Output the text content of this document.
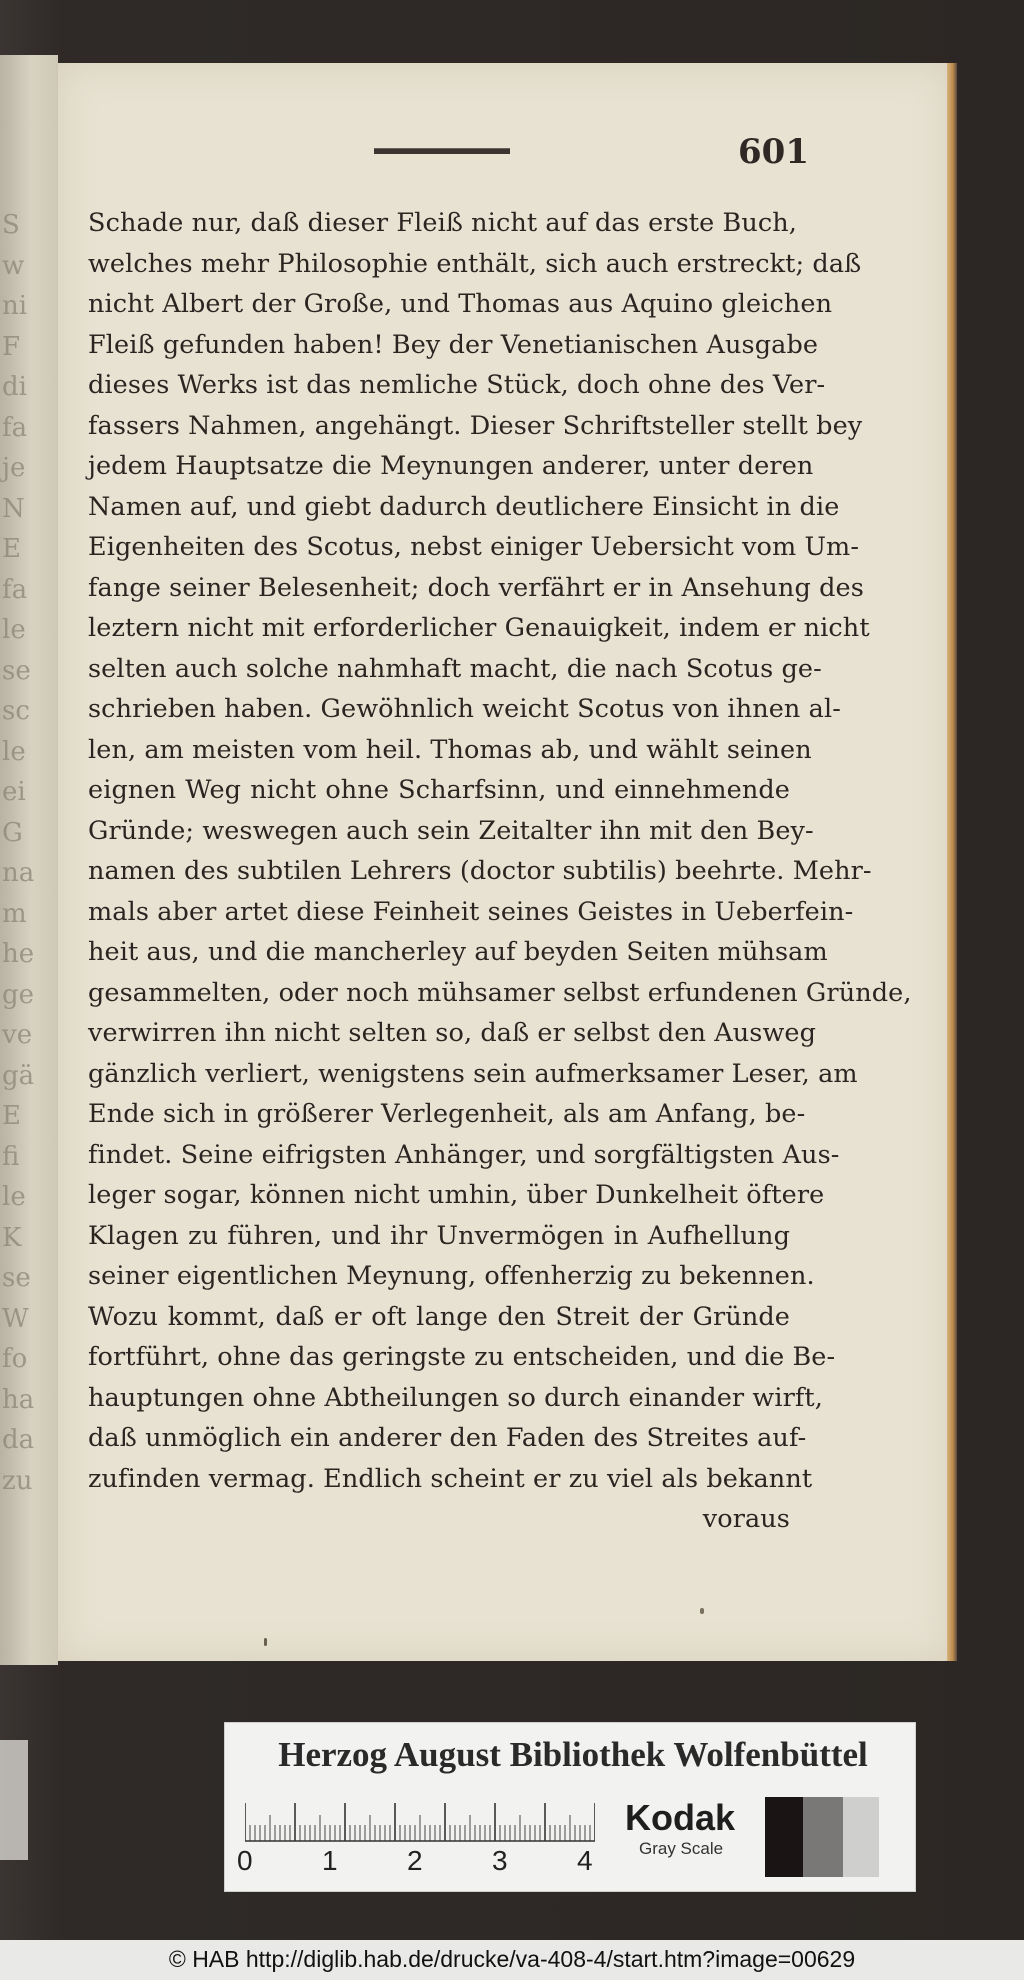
S
w
ni
F
di
fa
je
N
E
fa
le
se
sc
le
ei
G
na
m
he
ge
ve
gä
E
fi
le
K
se
W
fo
ha
da
zu
601
Schade nur, daß dieser Fleiß nicht auf das erste Buch,
welches mehr Philosophie enthält, sich auch erstreckt; daß
nicht Albert der Große, und Thomas aus Aquino gleichen
Fleiß gefunden haben! Bey der Venetianischen Ausgabe
dieses Werks ist das nemliche Stück, doch ohne des Ver-
fassers Nahmen, angehängt. Dieser Schriftsteller stellt bey
jedem Hauptsatze die Meynungen anderer, unter deren
Namen auf, und giebt dadurch deutlichere Einsicht in die
Eigenheiten des Scotus, nebst einiger Uebersicht vom Um-
fange seiner Belesenheit; doch verfährt er in Ansehung des
leztern nicht mit erforderlicher Genauigkeit, indem er nicht
selten auch solche nahmhaft macht, die nach Scotus ge-
schrieben haben. Gewöhnlich weicht Scotus von ihnen al-
len, am meisten vom heil. Thomas ab, und wählt seinen
eignen Weg nicht ohne Scharfsinn, und einnehmende
Gründe; weswegen auch sein Zeitalter ihn mit den Bey-
namen des subtilen Lehrers (doctor subtilis) beehrte. Mehr-
mals aber artet diese Feinheit seines Geistes in Ueberfein-
heit aus, und die mancherley auf beyden Seiten mühsam
gesammelten, oder noch mühsamer selbst erfundenen Gründe,
verwirren ihn nicht selten so, daß er selbst den Ausweg
gänzlich verliert, wenigstens sein aufmerksamer Leser, am
Ende sich in größerer Verlegenheit, als am Anfang, be-
findet. Seine eifrigsten Anhänger, und sorgfältigsten Aus-
leger sogar, können nicht umhin, über Dunkelheit öftere
Klagen zu führen, und ihr Unvermögen in Aufhellung
seiner eigentlichen Meynung, offenherzig zu bekennen.
Wozu kommt, daß er oft lange den Streit der Gründe
fortführt, ohne das geringste zu entscheiden, und die Be-
hauptungen ohne Abtheilungen so durch einander wirft,
daß unmöglich ein anderer den Faden des Streites auf-
zufinden vermag. Endlich scheint er zu viel als bekannt
voraus
Herzog August Bibliothek Wolfenbüttel
0 1 2 3 4
Kodak
Gray Scale
© HAB http://diglib.hab.de/drucke/va-408-4/start.htm?image=00629
